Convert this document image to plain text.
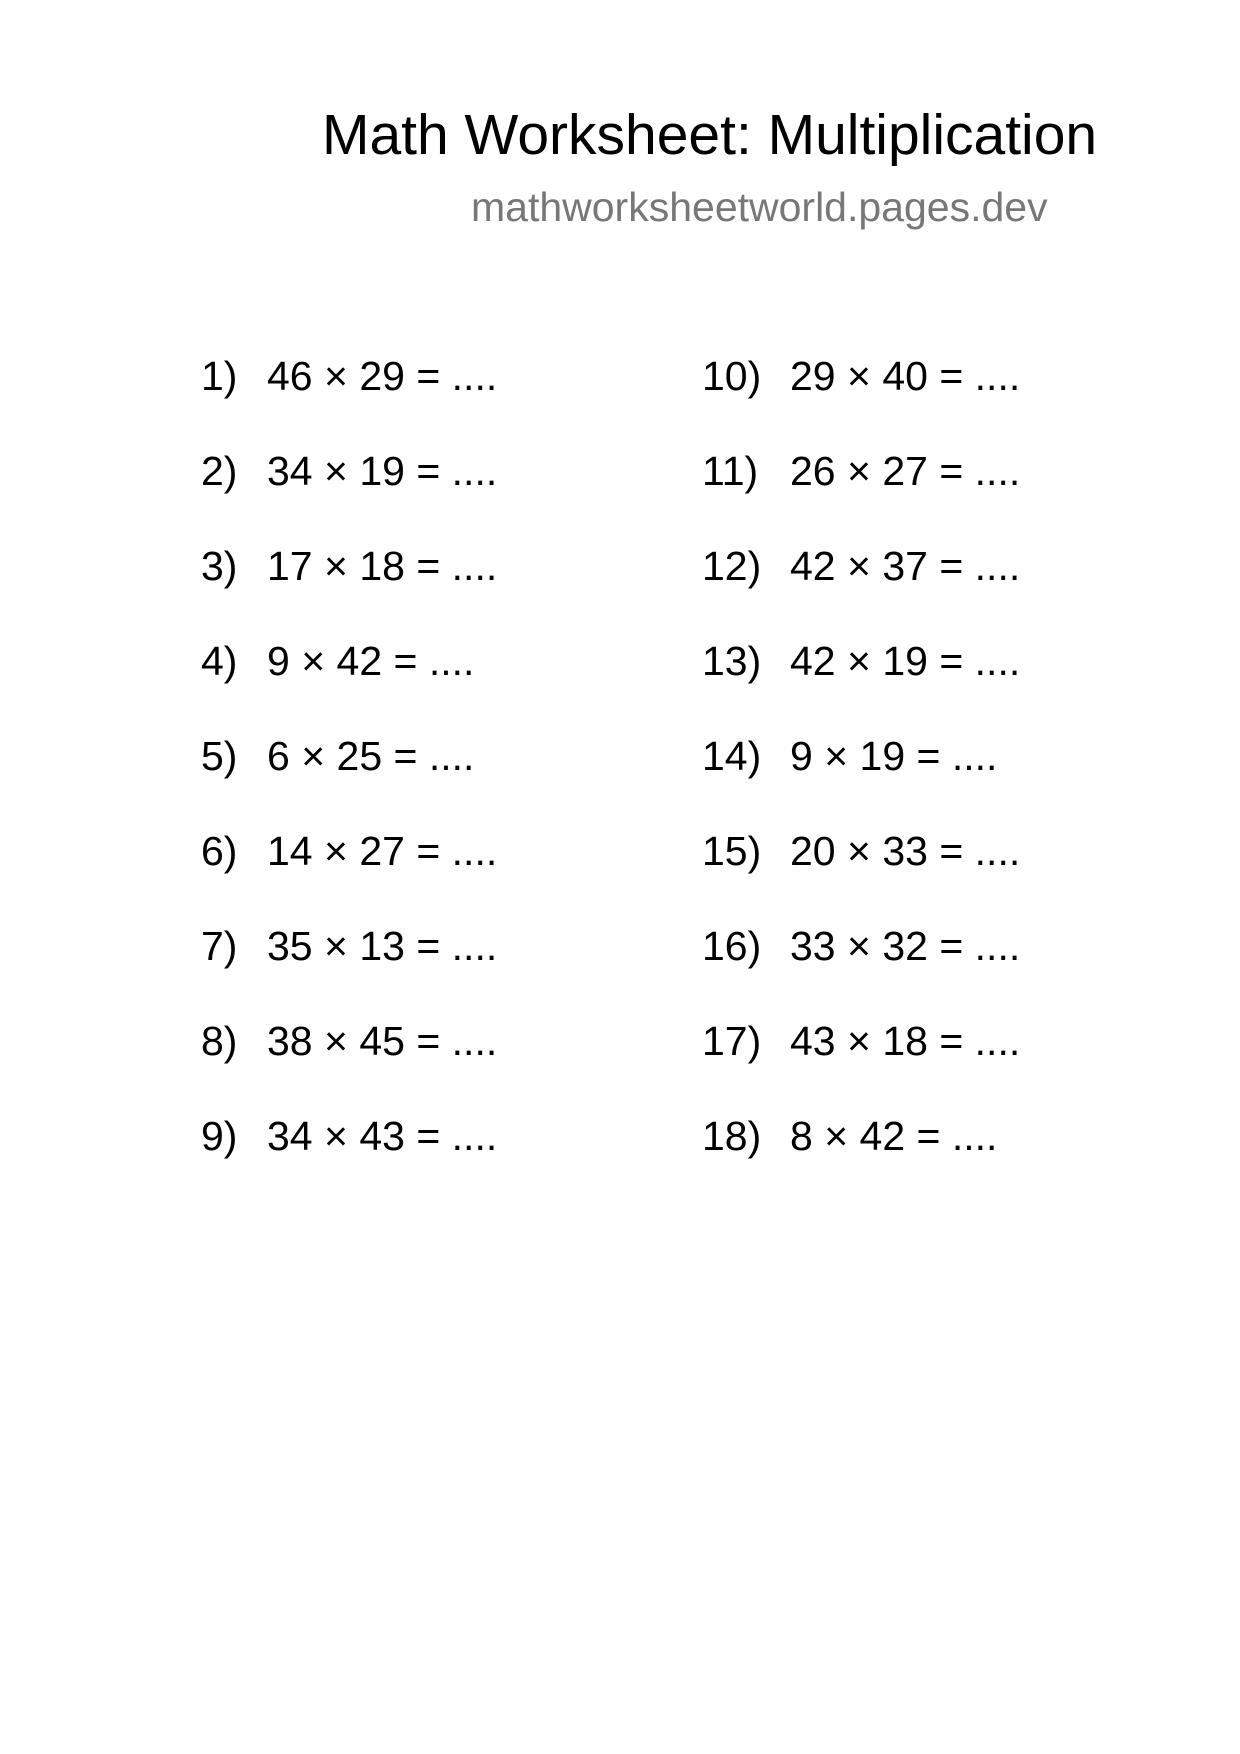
Math Worksheet: Multiplication
mathworksheetworld.pages.dev
1) 46 × 29 = ....
2) 34 × 19 = ....
3) 17 × 18 = ....
4) 9 × 42 = ....
5) 6 × 25 = ....
6) 14 × 27 = ....
7) 35 × 13 = ....
8) 38 × 45 = ....
9) 34 × 43 = ....
10) 29 × 40 = ....
11) 26 × 27 = ....
12) 42 × 37 = ....
13) 42 × 19 = ....
14) 9 × 19 = ....
15) 20 × 33 = ....
16) 33 × 32 = ....
17) 43 × 18 = ....
18) 8 × 42 = ....
